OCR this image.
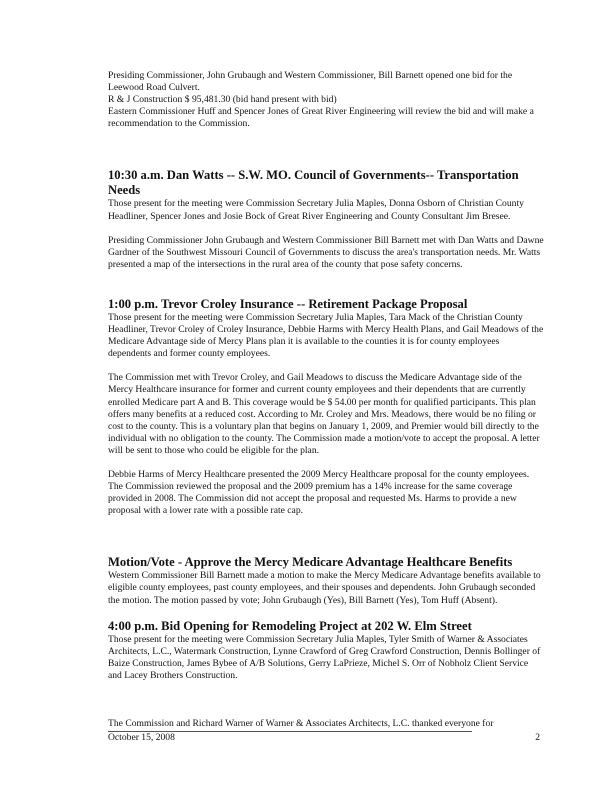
Presiding Commissioner, John Grubaugh and Western Commissioner, Bill Barnett opened one bid for the Leewood Road Culvert.

R & J Construction $ 95,481.30 (bid hand present with bid)

Eastern Commissioner Huff and Spencer Jones of Great River Engineering will review the bid and will make a recommendation to the Commission.

10:30 a.m. Dan Watts -- S.W. MO. Council of Governments-- Transportation Needs

Those present for the meeting were Commission Secretary Julia Maples, Donna Osborn of Christian County Headliner, Spencer Jones and Josie Bock of Great River Engineering and County Consultant Jim Bresee.

Presiding Commissioner John Grubaugh and Western Commissioner Bill Barnett met with Dan Watts and Dawne Gardner of the Southwest Missouri Council of Governments to discuss the area's transportation needs. Mr. Watts presented a map of the intersections in the rural area of the county that pose safety concerns.

1:00 p.m. Trevor Croley Insurance -- Retirement Package Proposal

Those present for the meeting were Commission Secretary Julia Maples, Tara Mack of the Christian County Headliner, Trevor Croley of Croley Insurance, Debbie Harms with Mercy Health Plans, and Gail Meadows of the Medicare Advantage side of Mercy Plans plan it is available to the counties it is for county employees dependents and former county employees.

The Commission met with Trevor Croley, and Gail Meadows to discuss the Medicare Advantage side of the Mercy Healthcare insurance for former and current county employees and their dependents that are currently enrolled Medicare part A and B. This coverage would be $ 54.00 per month for qualified participants. This plan offers many benefits at a reduced cost. According to Mr. Croley and Mrs. Meadows, there would be no filing or cost to the county. This is a voluntary plan that begins on January 1, 2009, and Premier would bill directly to the individual with no obligation to the county. The Commission made a motion/vote to accept the proposal. A letter will be sent to those who could be eligible for the plan.

Debbie Harms of Mercy Healthcare presented the 2009 Mercy Healthcare proposal for the county employees. The Commission reviewed the proposal and the 2009 premium has a 14% increase for the same coverage provided in 2008. The Commission did not accept the proposal and requested Ms. Harms to provide a new proposal with a lower rate with a possible rate cap.

Motion/Vote - Approve the Mercy Medicare Advantage Healthcare Benefits

Western Commissioner Bill Barnett made a motion to make the Mercy Medicare Advantage benefits available to eligible county employees, past county employees, and their spouses and dependents. John Grubaugh seconded the motion. The motion passed by vote; John Grubaugh (Yes), Bill Barnett (Yes), Tom Huff (Absent).

4:00 p.m. Bid Opening for Remodeling Project at 202 W. Elm Street

Those present for the meeting were Commission Secretary Julia Maples, Tyler Smith of Warner & Associates Architects, L.C., Watermark Construction, Lynne Crawford of Greg Crawford Construction, Dennis Bollinger of Baize Construction, James Bybee of A/B Solutions, Gerry LaPrieze, Michel S. Orr of Nobholz Client Service and Lacey Brothers Construction.

The Commission and Richard Warner of Warner & Associates Architects, L.C. thanked everyone for

October 15, 2008	2
